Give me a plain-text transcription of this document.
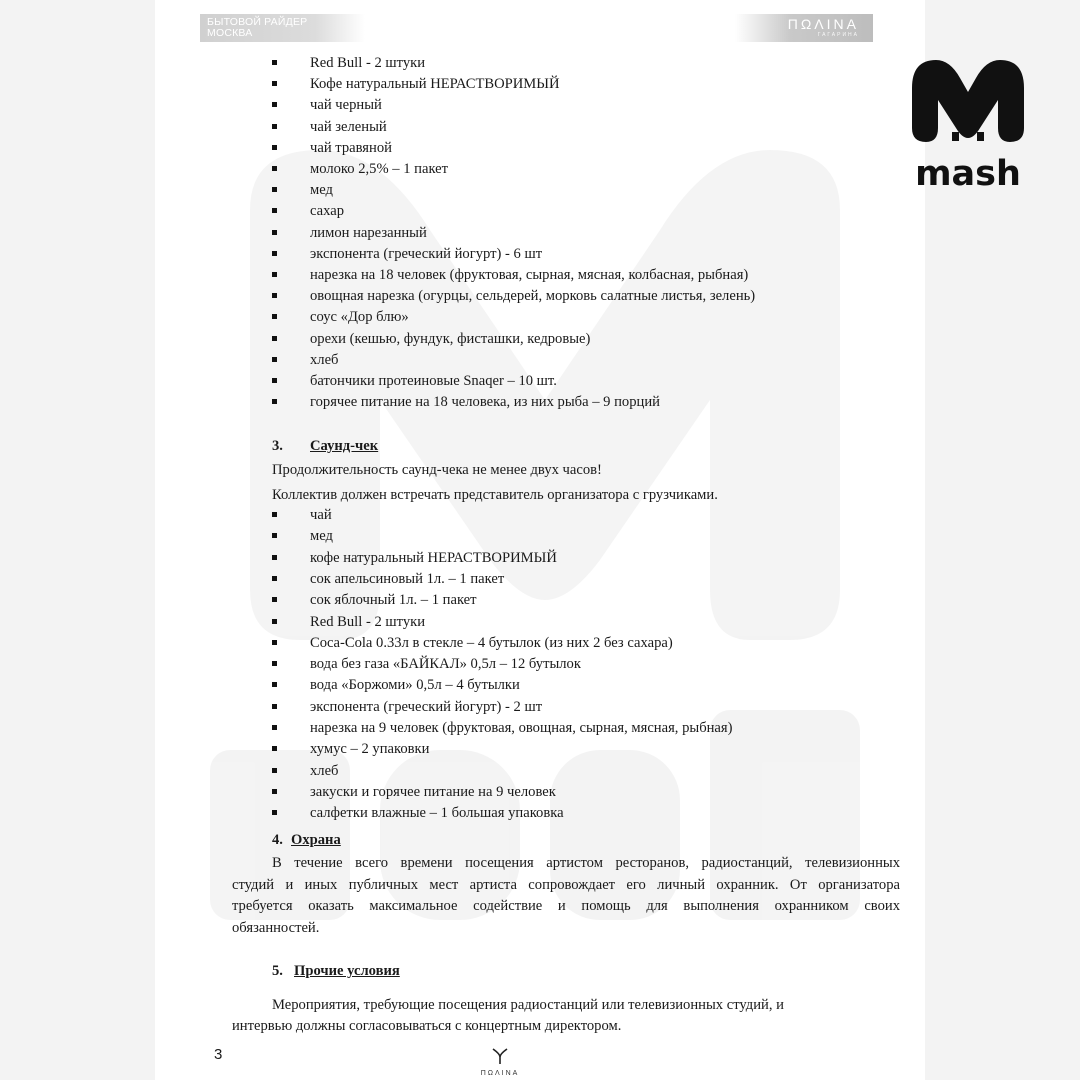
БЫТОВОЙ РАЙДЕР
МОСКВА
ПΩΛINA
ГАГАРИНА
mash
Red Bull - 2 штуки
Кофе натуральный НЕРАСТВОРИМЫЙ
чай черный
чай зеленый
чай травяной
молоко 2,5% – 1 пакет
мед
сахар
лимон нарезанный
экспонента (греческий йогурт) - 6 шт
нарезка на 18 человек (фруктовая, сырная, мясная, колбасная, рыбная)
овощная нарезка (огурцы, сельдерей, морковь салатные листья, зелень)
соус «Дор блю»
орехи (кешью, фундук, фисташки, кедровые)
хлеб
батончики протеиновые Snaqer – 10 шт.
горячее питание на 18 человека, из них рыба – 9 порций
3. Саунд-чек
Продолжительность саунд-чека не менее двух часов!
Коллектив должен встречать представитель организатора с грузчиками.
чай
мед
кофе натуральный НЕРАСТВОРИМЫЙ
сок апельсиновый 1л. – 1 пакет
сок яблочный 1л. – 1 пакет
Red Bull - 2 штуки
Coca-Cola 0.33л в стекле – 4 бутылок (из них 2 без сахара)
вода без газа «БАЙКАЛ» 0,5л – 12 бутылок
вода «Боржоми» 0,5л – 4 бутылки
экспонента (греческий йогурт) - 2 шт
нарезка на 9 человек (фруктовая, овощная, сырная, мясная, рыбная)
хумус – 2 упаковки
хлеб
закуски и горячее питание на 9 человек
салфетки влажные – 1 большая упаковка
4. Охрана
В течение всего времени посещения артистом ресторанов, радиостанций, телевизионных
студий и иных публичных мест артиста сопровождает его личный охранник. От организатора
требуется оказать максимальное содействие и помощь для выполнения охранником своих
обязанностей.
5. Прочие условия
Мероприятия, требующие посещения радиостанций или телевизионных студий, и
интервью должны согласовываться с концертным директором.
3
ПΩΛINA
